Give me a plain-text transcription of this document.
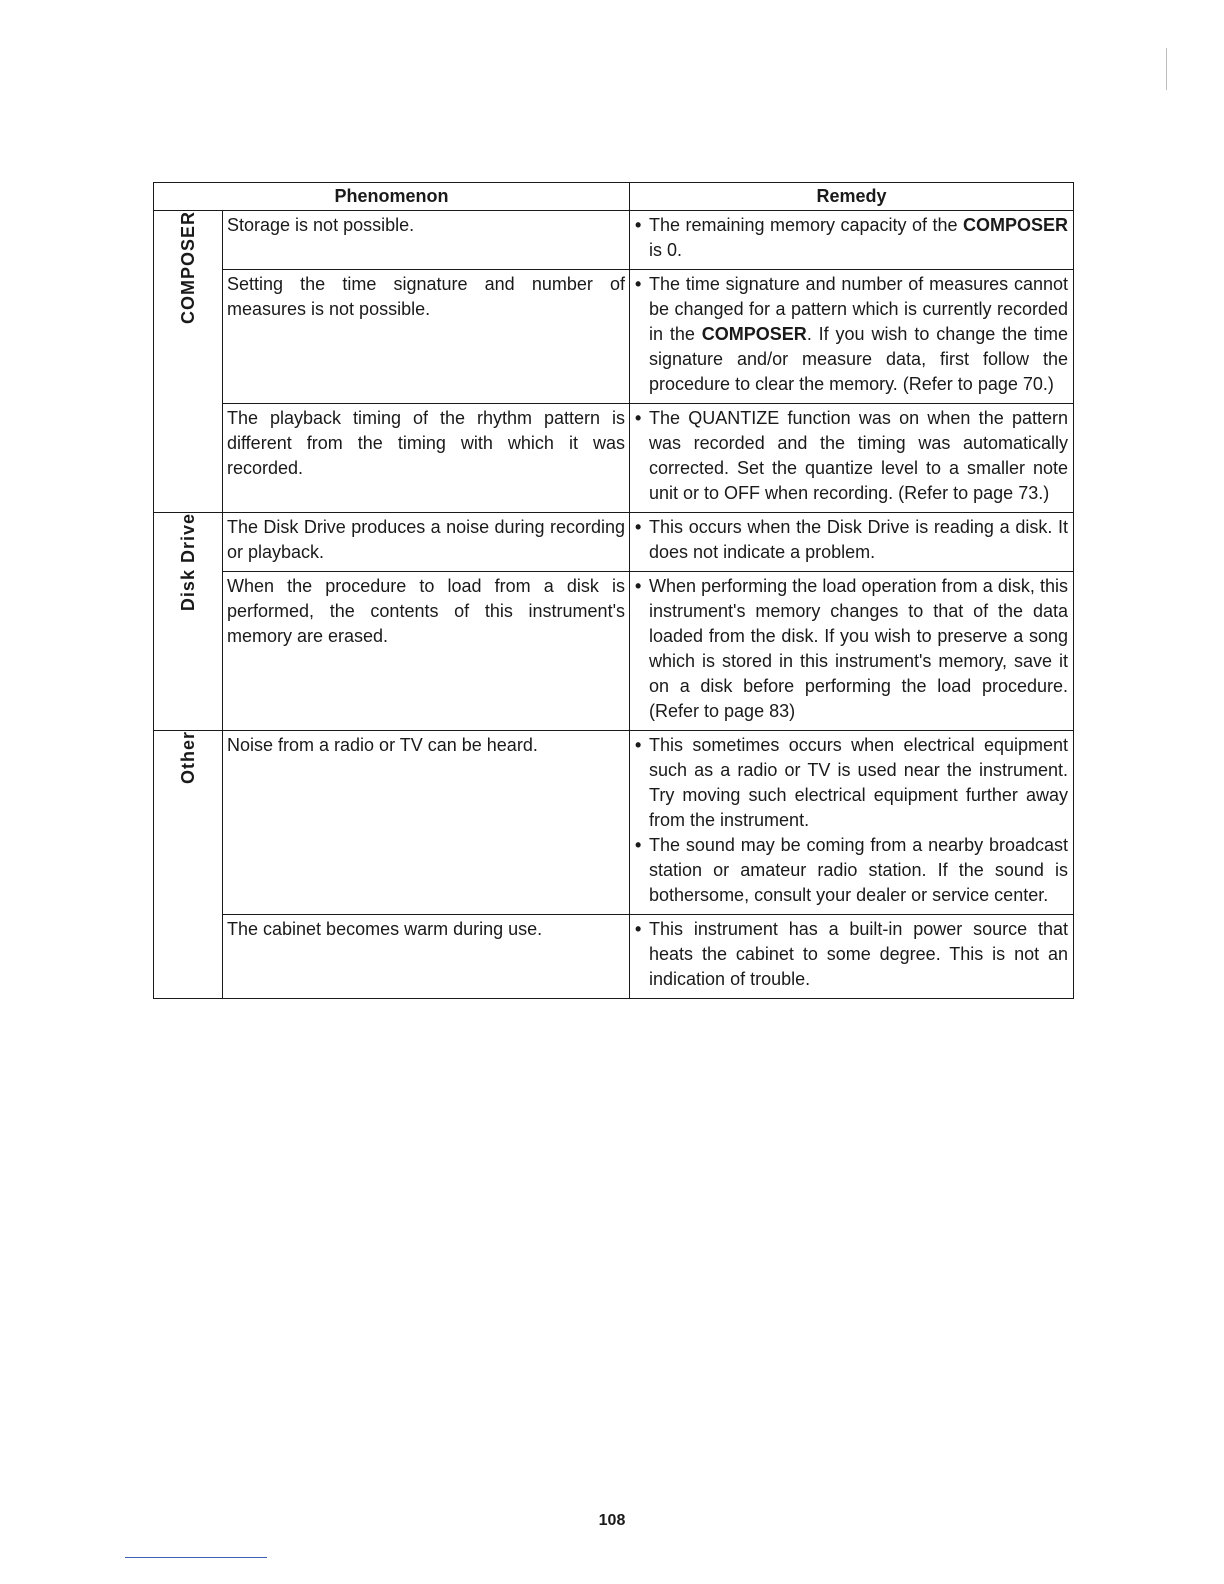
Phenomenon		Remedy
COMPOSER	Storage is not possible.	• The remaining memory capacity of the COMPOSER is 0.

	Setting the time signature and number of measures is not possible.	• The time signature and number of measures cannot be changed for a pattern which is currently recorded in the COMPOSER. If you wish to change the time signature and/or measure data, first follow the procedure to clear the memory. (Refer to page 70.)

	The playback timing of the rhythm pattern is different from the timing with which it was recorded.	• The QUANTIZE function was on when the pattern was recorded and the timing was automatically corrected. Set the quantize level to a smaller note unit or to OFF when recording. (Refer to page 73.)

Disk Drive	The Disk Drive produces a noise during recording or playback.	• This occurs when the Disk Drive is reading a disk. It does not indicate a problem.

	When the procedure to load from a disk is performed, the contents of this instrument's memory are erased.	• When performing the load operation from a disk, this instrument's memory changes to that of the data loaded from the disk. If you wish to preserve a song which is stored in this instrument's memory, save it on a disk before performing the load procedure. (Refer to page 83)

Other	Noise from a radio or TV can be heard.	• This sometimes occurs when electrical equipment such as a radio or TV is used near the instrument. Try moving such electrical equipment further away from the instrument.
• The sound may be coming from a nearby broadcast station or amateur radio station. If the sound is bothersome, consult your dealer or service center.

	The cabinet becomes warm during use.	• This instrument has a built-in power source that heats the cabinet to some degree. This is not an indication of trouble.
108
